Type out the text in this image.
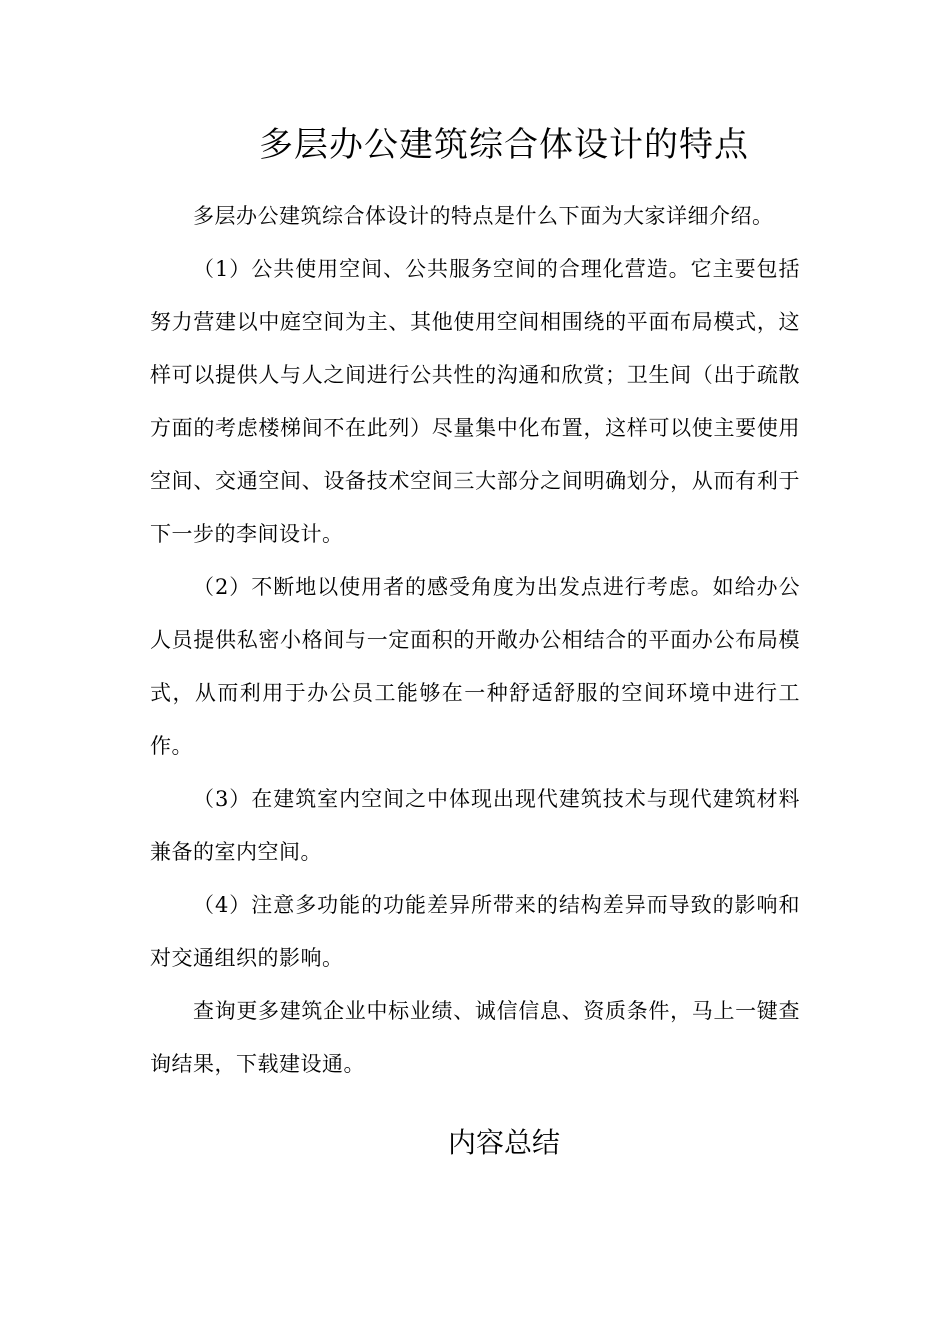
多层办公建筑综合体设计的特点

多层办公建筑综合体设计的特点是什么下面为大家详细介绍。

（1）公共使用空间、公共服务空间的合理化营造。它主要包括努力营建以中庭空间为主、其他使用空间相围绕的平面布局模式，这样可以提供人与人之间进行公共性的沟通和欣赏；卫生间（出于疏散方面的考虑楼梯间不在此列）尽量集中化布置，这样可以使主要使用空间、交通空间、设备技术空间三大部分之间明确划分，从而有利于下一步的李间设计。

（2）不断地以使用者的感受角度为出发点进行考虑。如给办公人员提供私密小格间与一定面积的开敞办公相结合的平面办公布局模式，从而利用于办公员工能够在一种舒适舒服的空间环境中进行工作。

（3）在建筑室内空间之中体现出现代建筑技术与现代建筑材料兼备的室内空间。

（4）注意多功能的功能差异所带来的结构差异而导致的影响和对交通组织的影响。

查询更多建筑企业中标业绩、诚信信息、资质条件，马上一键查询结果，下载建设通。

内容总结
